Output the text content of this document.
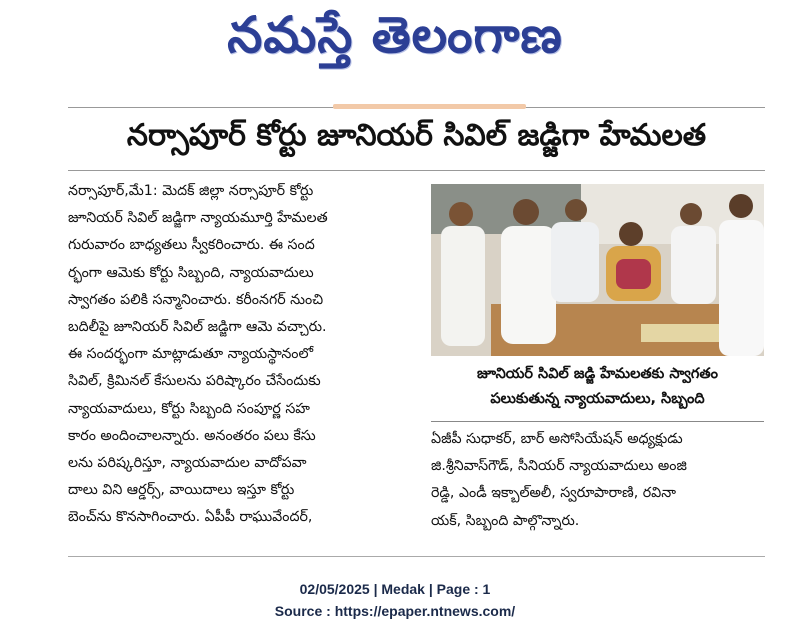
నమస్తే తెలంగాణ
నర్సాపూర్ కోర్టు జూనియర్ సివిల్ జడ్జిగా హేమలత
నర్సాపూర్,మే1: మెదక్ జిల్లా నర్సాపూర్ కోర్టు
జూనియర్ సివిల్ జడ్జిగా న్యాయమూర్తి హేమలత
గురువారం బాధ్యతలు స్వీకరించారు. ఈ సంద
ర్భంగా ఆమెకు కోర్టు సిబ్బంది, న్యాయవాదులు
స్వాగతం పలికి సన్మానించారు. కరీంనగర్ నుంచి
బదిలీపై జూనియర్ సివిల్ జడ్జిగా ఆమె వచ్చారు.
ఈ సందర్భంగా మాట్లాడుతూ న్యాయస్థానంలో
సివిల్, క్రిమినల్ కేసులను పరిష్కారం చేసేందుకు
న్యాయవాదులు, కోర్టు సిబ్బంది సంపూర్ణ సహ
కారం అందించాలన్నారు. అనంతరం పలు కేసు
లను పరిష్కరిస్తూ, న్యాయవాదుల వాదోపవా
దాలు విని ఆర్డర్స్, వాయిదాలు ఇస్తూ కోర్టు
బెంచ్‌ను కొనసాగించారు. ఏపీపీ రాఘువేందర్,
జూనియర్ సివిల్ జడ్జి హేమలతకు స్వాగతం
పలుకుతున్న న్యాయవాదులు, సిబ్బంది
ఏజీపీ సుధాకర్, బార్ అసోసియేషన్ అధ్యక్షుడు
జి.శ్రీనివాస్‌గౌడ్, సీనియర్ న్యాయవాదులు అంజి
రెడ్డి, ఎండీ ఇక్బాల్‌అలీ, స్వరూపారాణి, రవినా
యక్, సిబ్బంది పాల్గొన్నారు.
02/05/2025 | Medak | Page : 1
Source : https://epaper.ntnews.com/
